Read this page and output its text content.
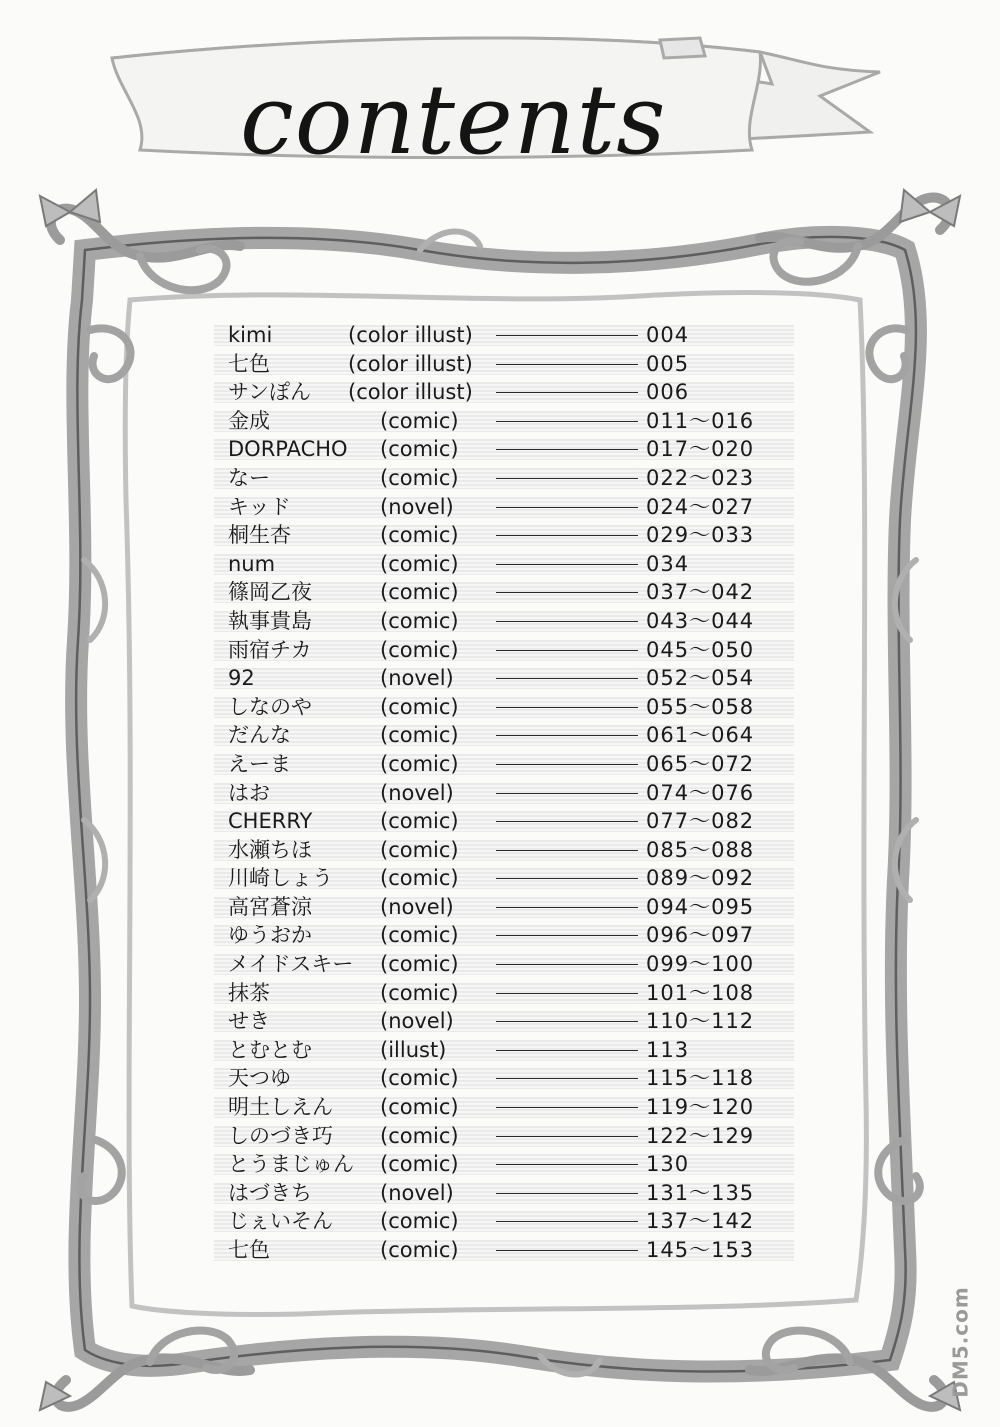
contents
kimi	(color illust)	004
七色	(color illust)	005
サンぽん (color illust)	006
金成	(comic)	011～016
DORPACHO (comic)	017～020
なー	(comic)	022～023
キッド	(novel)	024～027
桐生杏	(comic)	029～033
num	(comic)	034
篠岡乙夜	(comic)	037～042
執事貴島	(comic)	043～044
雨宿チカ	(comic)	045～050
92	(novel)	052～054
しなのや	(comic)	055～058
だんな	(comic)	061～064
えーま	(comic)	065～072
はお	(novel)	074～076
CHERRY	(comic)	077～082
水瀬ちほ	(comic)	085～088
川崎しょう (comic)	089～092
高宮蒼涼	(novel)	094～095
ゆうおか	(comic)	096～097
メイドスキー (comic)	099～100
抹茶	(comic)	101～108
せき	(novel)	110～112
とむとむ	(illust)	113
天つゆ	(comic)	115～118
明土しえん (comic)	119～120
しのづき巧 (comic)	122～129
とうまじゅん (comic)	130
はづきち	(novel)	131～135
じぇいそん (comic)	137～142
七色	(comic)	145～153
DM5.com
